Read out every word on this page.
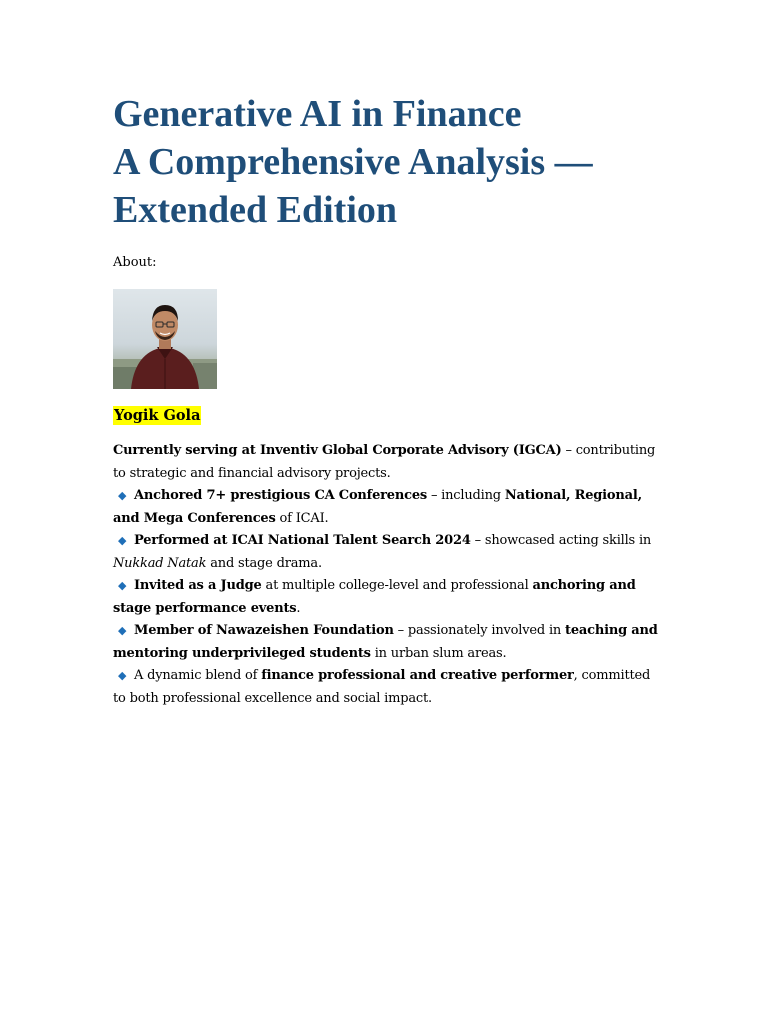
Generative AI in Finance
A Comprehensive Analysis —
Extended Edition
About:
Yogik Gola

Currently serving at Inventiv Global Corporate Advisory (IGCA) – contributing to strategic and financial advisory projects.

◆ Anchored 7+ prestigious CA Conferences – including National, Regional, and Mega Conferences of ICAI.

◆ Performed at ICAI National Talent Search 2024 – showcased acting skills in Nukkad Natak and stage drama.

◆ Invited as a Judge at multiple college-level and professional anchoring and stage performance events.

◆ Member of Nawazeishen Foundation – passionately involved in teaching and mentoring underprivileged students in urban slum areas.

◆ A dynamic blend of finance professional and creative performer, committed to both professional excellence and social impact.
